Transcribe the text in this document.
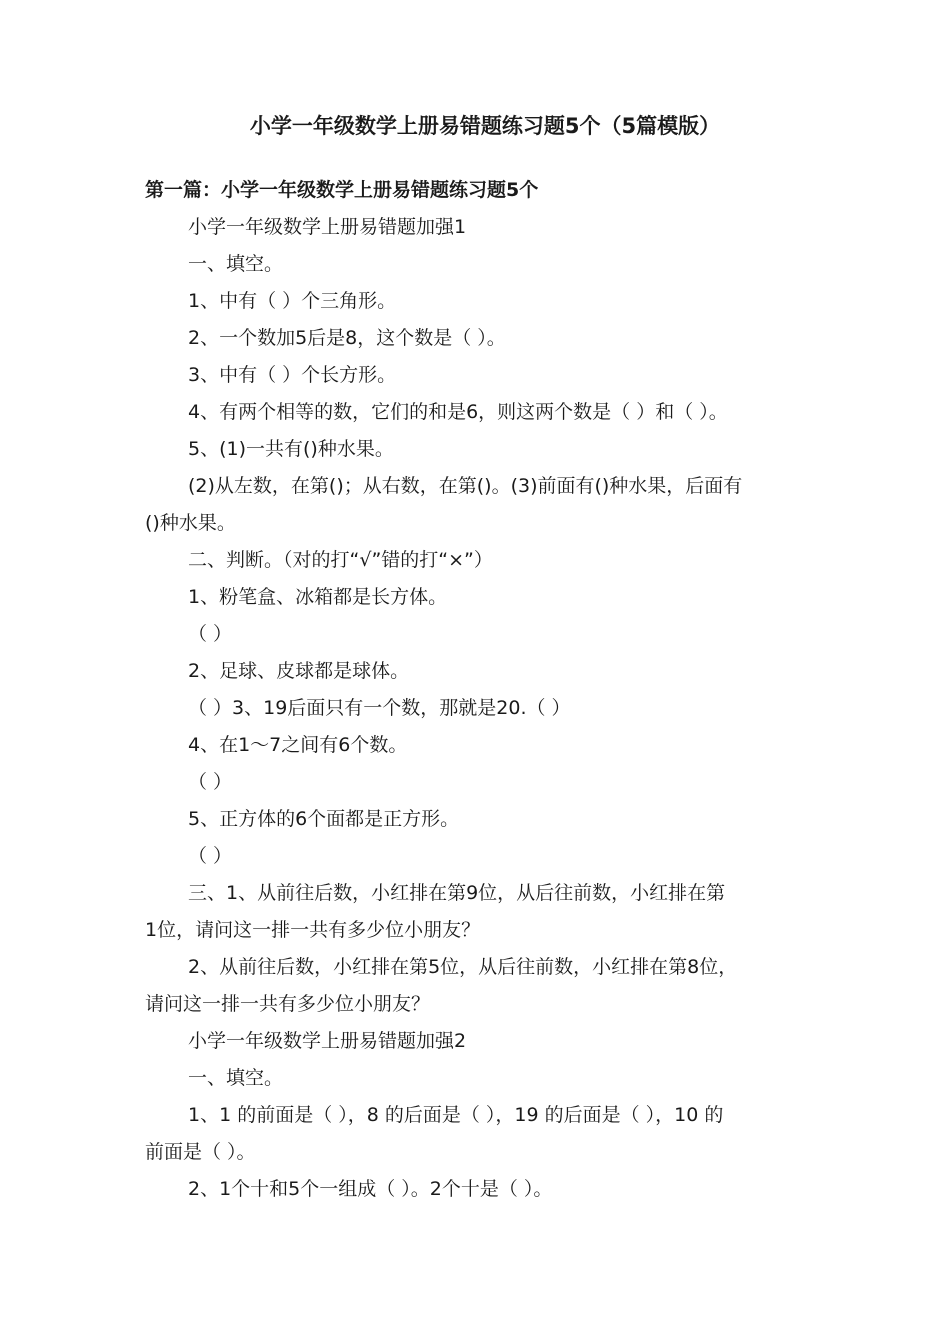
小学一年级数学上册易错题练习题5个（5篇模版）
第一篇：小学一年级数学上册易错题练习题5个
小学一年级数学上册易错题加强1
一、填空。
1、中有（ ）个三角形。
2、一个数加5后是8，这个数是（ ）。
3、中有（ ）个长方形。
4、有两个相等的数，它们的和是6，则这两个数是（ ）和（ ）。
5、(1)一共有()种水果。
(2)从左数，在第()；从右数，在第()。(3)前面有()种水果，后面有
()种水果。
二、判断。（对的打“√”错的打“×”）
1、粉笔盒、冰箱都是长方体。
（ ）
2、足球、皮球都是球体。
（ ）3、19后面只有一个数，那就是20.（ ）
4、在1～7之间有6个数。
（ ）
5、正方体的6个面都是正方形。
（ ）
三、1、从前往后数，小红排在第9位，从后往前数，小红排在第
1位，请问这一排一共有多少位小朋友？
2、从前往后数，小红排在第5位，从后往前数，小红排在第8位，
请问这一排一共有多少位小朋友？
小学一年级数学上册易错题加强2
一、填空。
1、1 的前面是（ ），8 的后面是（ ），19 的后面是（ ），10 的
前面是（ ）。
2、1个十和5个一组成（ ）。2个十是（ ）。
